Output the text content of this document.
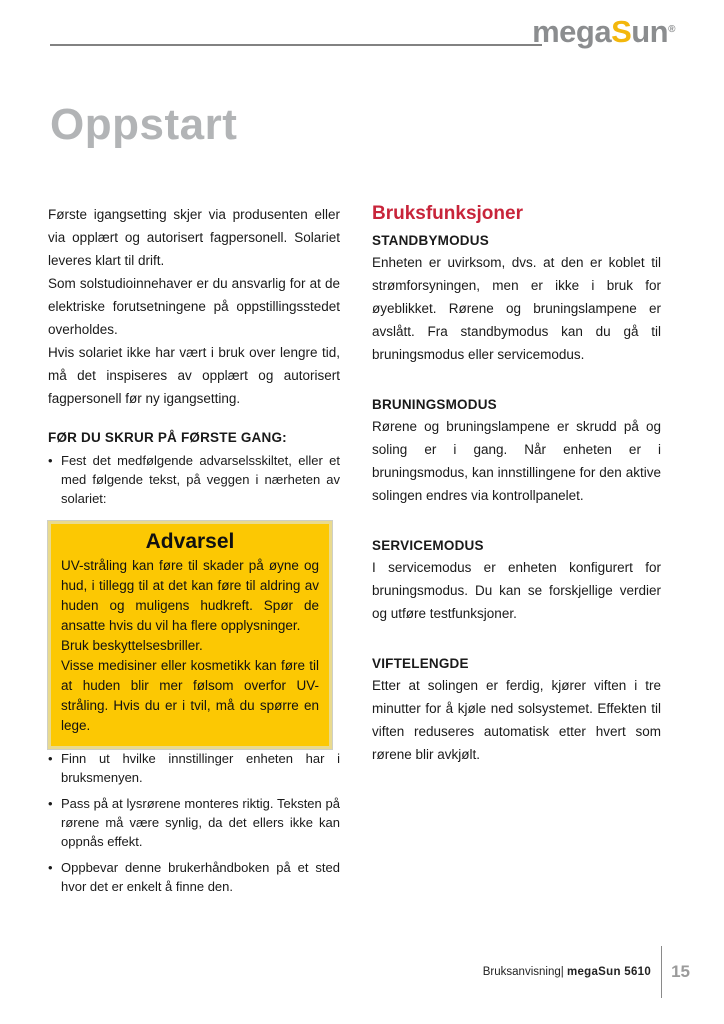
megaSun®
Oppstart

Første igangsetting skjer via produsenten eller via opplært og autorisert fagpersonell. Solariet leveres klart til drift.

Som solstudioinnehaver er du ansvarlig for at de elektriske forutsetningene på oppstillingsstedet overholdes.

Hvis solariet ikke har vært i bruk over lengre tid, må det inspiseres av opplært og autorisert fagpersonell før ny igangsetting.

FØR DU SKRUR PÅ FØRSTE GANG:
• Fest det medfølgende advarselsskiltet, eller et med følgende tekst, på veggen i nærheten av solariet:
Advarsel

UV-stråling kan føre til skader på øyne og hud, i tillegg til at det kan føre til aldring av huden og muligens hudkreft. Spør de ansatte hvis du vil ha flere opplysninger.

Bruk beskyttelsesbriller.

Visse medisiner eller kosmetikk kan føre til at huden blir mer følsom overfor UV-stråling. Hvis du er i tvil, må du spørre en lege.

• Finn ut hvilke innstillinger enheten har i bruksmenyen.
• Pass på at lysrørene monteres riktig. Teksten på rørene må være synlig, da det ellers ikke kan oppnås effekt.
• Oppbevar denne brukerhåndboken på et sted hvor det er enkelt å finne den.
Bruksfunksjoner
STANDBYMODUS

Enheten er uvirksom, dvs. at den er koblet til strømforsyningen, men er ikke i bruk for øyeblikket. Rørene og bruningslampene er avslått. Fra standbymodus kan du gå til bruningsmodus eller servicemodus.

BRUNINGSMODUS

Rørene og bruningslampene er skrudd på og soling er i gang. Når enheten er i bruningsmodus, kan innstillingene for den aktive solingen endres via kontrollpanelet.

SERVICEMODUS

I servicemodus er enheten konfigurert for bruningsmodus. Du kan se forskjellige verdier og utføre testfunksjoner.

VIFTELENGDE

Etter at solingen er ferdig, kjører viften i tre minutter for å kjøle ned solsystemet. Effekten til viften reduseres automatisk etter hvert som rørene blir avkjølt.

Bruksanvisning| megaSun 5610 15
